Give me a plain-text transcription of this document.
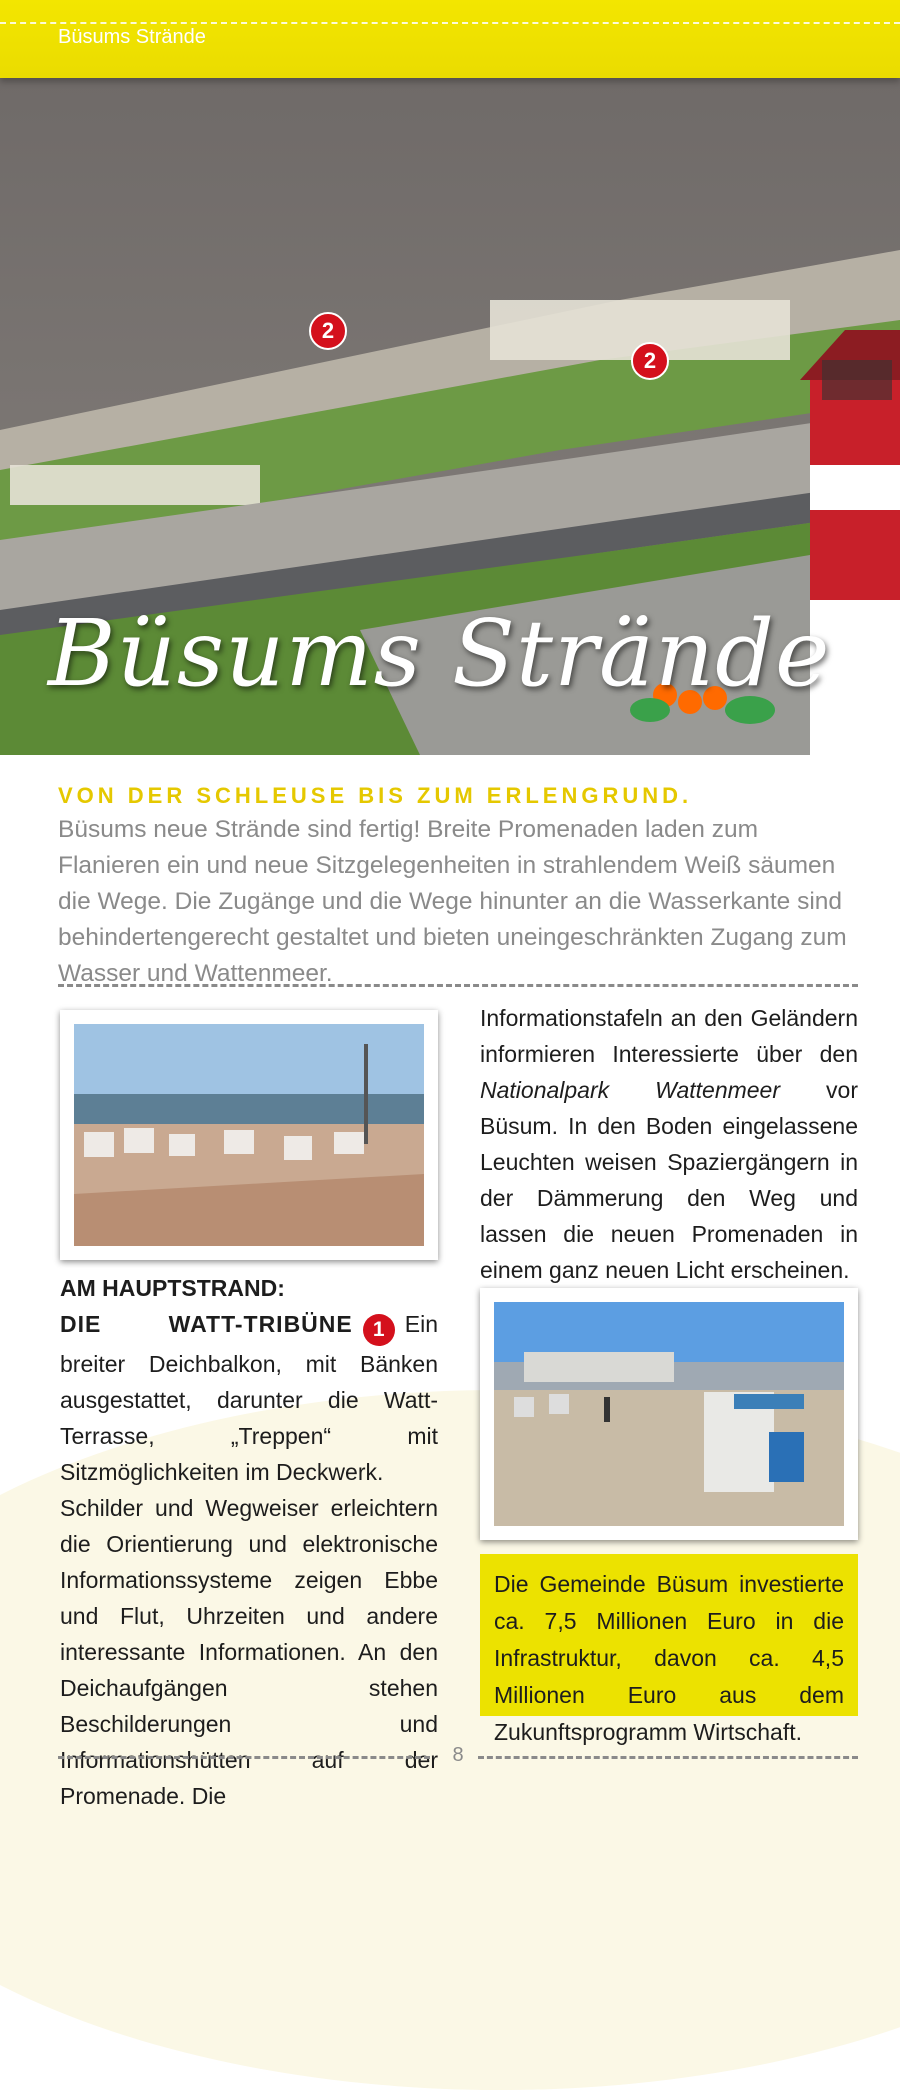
Büsums Strände
2
2
Büsums Strände
VON DER SCHLEUSE BIS ZUM ERLENGRUND.
Büsums neue Strände sind fertig! Breite Promenaden laden zum Flanieren ein und neue Sitzgelegenheiten in strahlendem Weiß säumen die Wege. Die Zugänge und die Wege hinunter an die Wasserkante sind behindertengerecht gestaltet und bieten uneingeschränkten Zugang zum Wasser und Wattenmeer.

Informationstafeln an den Geländern informieren Interessierte über den Nationalpark Wattenmeer vor Büsum. In den Boden eingelassene Leuchten weisen Spaziergängern in der Dämmerung den Weg und lassen die neuen Promenaden in einem ganz neuen Licht erscheinen.

AM HAUPTSTRAND:

DIE WATT-TRIBÜNE 1 Ein breiter Deichbalkon, mit Bänken ausgestattet, darunter die Watt-Terrasse, „Treppen“ mit Sitzmöglichkeiten im Deckwerk.

Schilder und Wegweiser erleichtern die Orientierung und elektronische Informationssysteme zeigen Ebbe und Flut, Uhrzeiten und andere interessante Informationen. An den Deichaufgängen stehen Beschilderungen und Informationshütten auf der Promenade. Die

Die Gemeinde Büsum investierte ca. 7,5 Millionen Euro in die Infrastruktur, davon ca. 4,5 Millionen Euro aus dem Zukunftsprogramm Wirtschaft.
8
